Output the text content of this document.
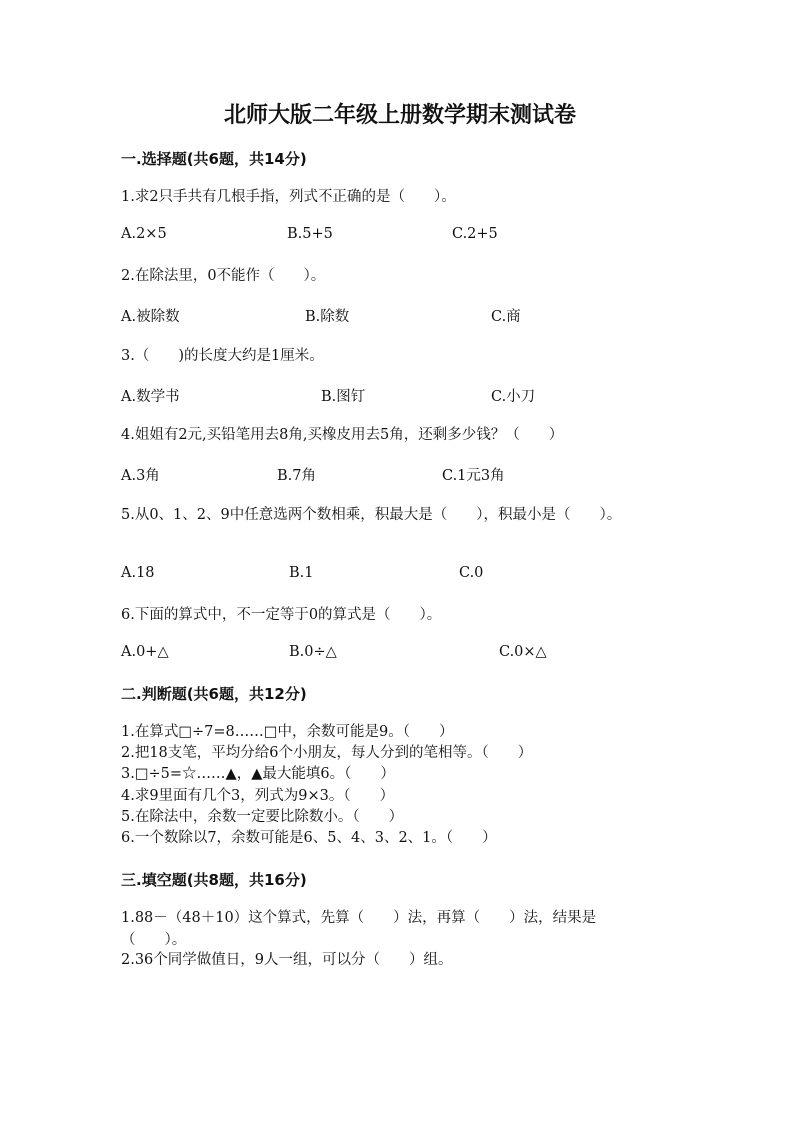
北师大版二年级上册数学期末测试卷
一.选择题(共6题，共14分)
1.求2只手共有几根手指，列式不正确的是（　　）。
A.2×5	B.5+5	C.2+5
2.在除法里，0不能作（　　）。
A.被除数	B.除数	C.商
3.（　　)的长度大约是1厘米。
A.数学书	B.图钉	C.小刀
4.姐姐有2元,买铅笔用去8角,买橡皮用去5角，还剩多少钱？（　　）
A.3角	B.7角	C.1元3角
5.从0、1、2、9中任意选两个数相乘，积最大是（　　），积最小是（　　）。
A.18	B.1	C.0
6.下面的算式中，不一定等于0的算式是（　　）。
A.0+△	B.0÷△	C.0×△
二.判断题(共6题，共12分)
1.在算式□÷7=8……□中，余数可能是9。（　　）
2.把18支笔，平均分给6个小朋友，每人分到的笔相等。（　　）
3.□÷5=☆……▲，▲最大能填6。（　　）
4.求9里面有几个3，列式为9×3。（　　）
5.在除法中，余数一定要比除数小。（　　）
6.一个数除以7，余数可能是6、5、4、3、2、1。（　　）
三.填空题(共8题，共16分)
1.88－（48＋10）这个算式，先算（　　）法，再算（　　）法，结果是（　　）。
2.36个同学做值日，9人一组，可以分（　　）组。
